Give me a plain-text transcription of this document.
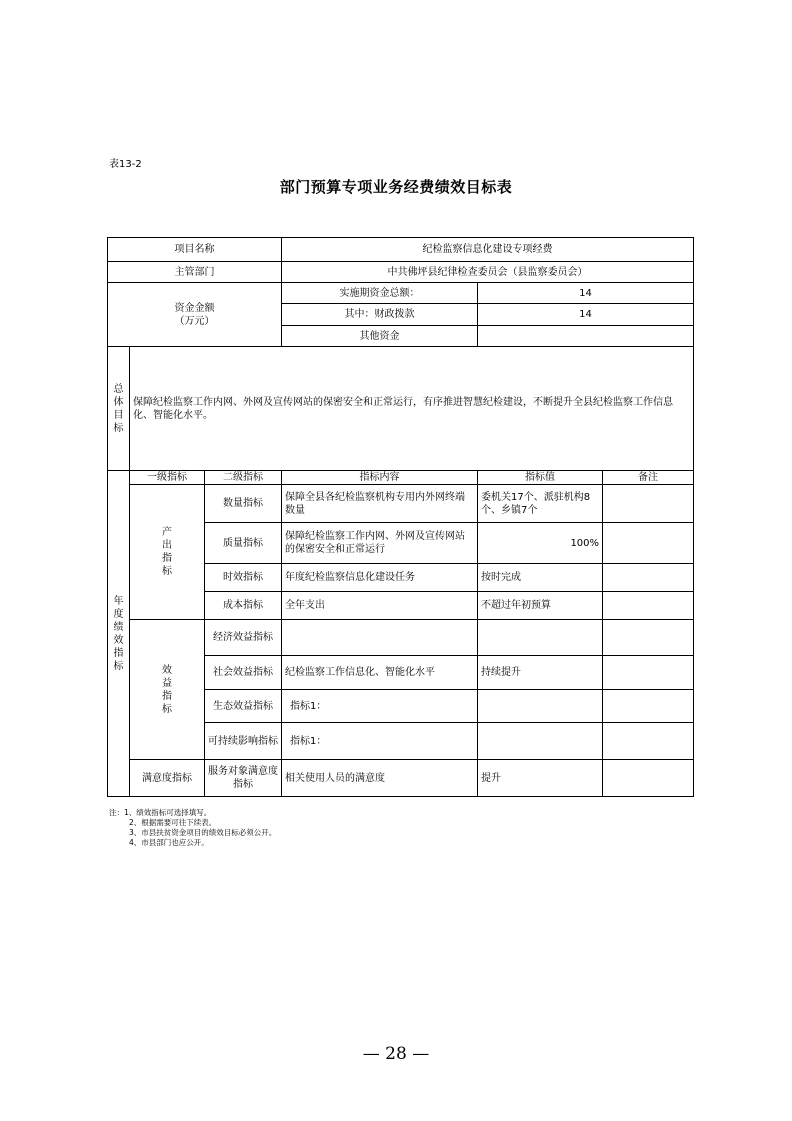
表13-2
部门预算专项业务经费绩效目标表
项目名称			纪检监察信息化建设专项经费		
主管部门			中共佛坪县纪律检查委员会（县监察委员会）		

资金金额
（万元）			实施期资金总额：	14	
			其中：财政拨款	14	
			其他资金		
总体目标	保障纪检监察工作内网、外网及宣传网站的保密安全和正常运行，有序推进智慧纪检建设，不断提升全县纪检监察工作信息化、智能化水平。				
年度绩效指标	一级指标	二级指标	指标内容	指标值	备注

	产出指标	数量指标	保障全县各纪检监察机构专用内外网终端数量	委机关17个、派驻机构8个、乡镇7个	
		质量指标	保障纪检监察工作内网、外网及宣传网站的保密安全和正常运行	100%	
		时效指标	年度纪检监察信息化建设任务	按时完成	
		成本指标	全年支出	不超过年初预算	

	效益指标	经济效益指标			
		社会效益指标	纪检监察工作信息化、智能化水平	持续提升	
		生态效益指标	指标1：		
		可持续影响指标	指标1：		
	满意度指标	服务对象满意度指标	相关使用人员的满意度	提升	
注：1、绩效指标可选择填写。
2、根据需要可往下续表。
3、市县扶贫资金项目的绩效目标必须公开。
4、市县部门也应公开。
— 28 —
